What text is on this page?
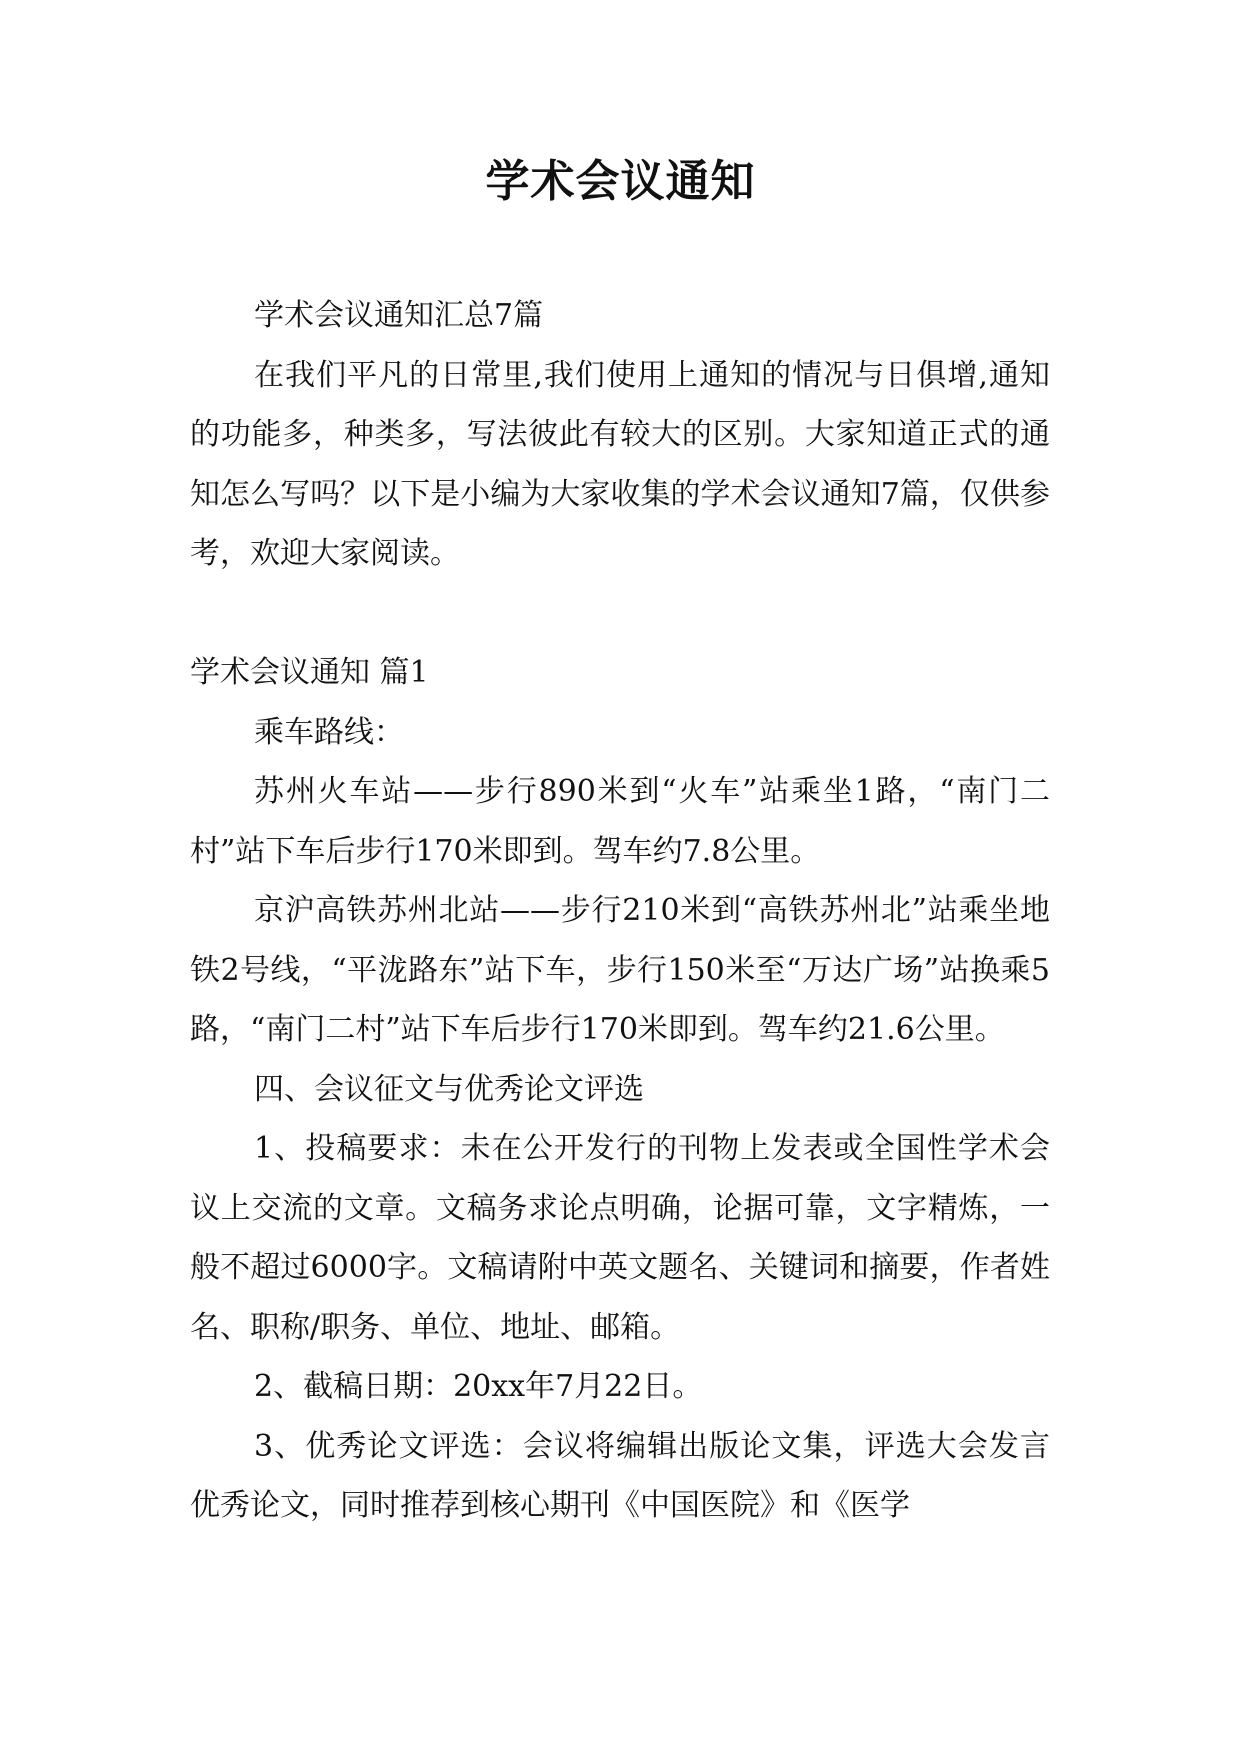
学术会议通知

学术会议通知汇总7篇

在我们平凡的日常里,我们使用上通知的情况与日俱增,通知的功能多，种类多，写法彼此有较大的区别。大家知道正式的通知怎么写吗？以下是小编为大家收集的学术会议通知7篇，仅供参考，欢迎大家阅读。

学术会议通知 篇1

乘车路线：

苏州火车站——步行890米到“火车”站乘坐1路，“南门二村”站下车后步行170米即到。驾车约7.8公里。

京沪高铁苏州北站——步行210米到“高铁苏州北”站乘坐地铁2号线，“平泷路东”站下车，步行150米至“万达广场”站换乘5路，“南门二村”站下车后步行170米即到。驾车约21.6公里。

四、会议征文与优秀论文评选

1、投稿要求：未在公开发行的刊物上发表或全国性学术会议上交流的文章。文稿务求论点明确，论据可靠，文字精炼，一般不超过6000字。文稿请附中英文题名、关键词和摘要，作者姓名、职称/职务、单位、地址、邮箱。

2、截稿日期：20xx年7月22日。

3、优秀论文评选：会议将编辑出版论文集，评选大会发言优秀论文，同时推荐到核心期刊《中国医院》和《医学
